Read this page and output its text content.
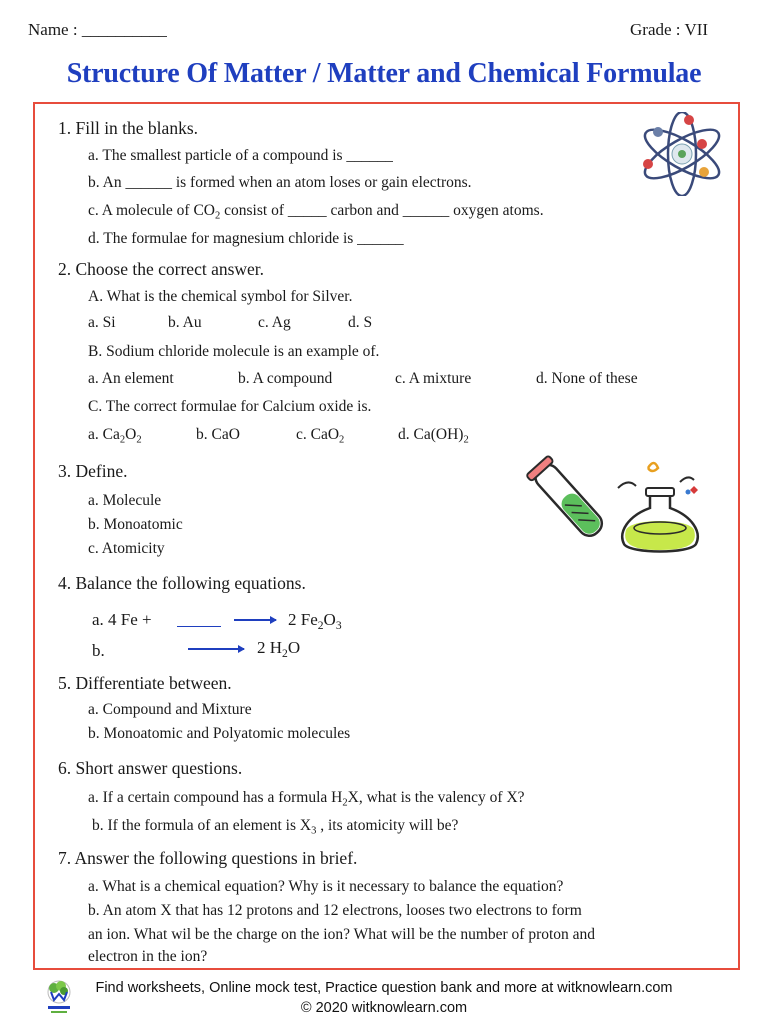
Name : __________	Grade : VII
Structure Of Matter / Matter and Chemical Formulae
1. Fill in the blanks.
a. The smallest particle of a compound is ______
b. An ______ is formed when an atom loses or gain electrons.
c. A molecule of $CO_2$ consist of _____ carbon and ______ oxygen atoms.
d. The formulae for magnesium chloride is ______
2. Choose the correct answer.
A. What is the chemical symbol for Silver.
a. Si	b. Au	c. Ag	d. S
B. Sodium chloride molecule is an example of.
a. An element	b. A compound	c. A mixture	d. None of these
C. The correct formulae for Calcium oxide is.
a. $Ca_2O_2$	b. CaO	c. CaO$_2$	d. $Ca(OH)_2$
3. Define.
a. Molecule
b. Monoatomic
c. Atomicity
4. Balance the following equations.
a. 4 Fe +	2 $Fe_2O_3$
b.	2 $H_2O$
5. Differentiate between.
a. Compound and Mixture
b. Monoatomic and Polyatomic molecules
6. Short answer questions.
a. If a certain compound has a formula $H_2X$, what is the valency of X?
b. If the formula of an element is $X_3$ , its atomicity will be?
7. Answer the following questions in brief.
a. What is a chemical equation? Why is it necessary to balance the equation?
b. An atom X that has 12 protons and 12 electrons, looses two electrons to form
an ion. What wil be the charge on the ion? What will be the number of proton and
electron in the ion?
Find worksheets, Online mock test, Practice question bank and more at witknowlearn.com
© 2020 witknowlearn.com
